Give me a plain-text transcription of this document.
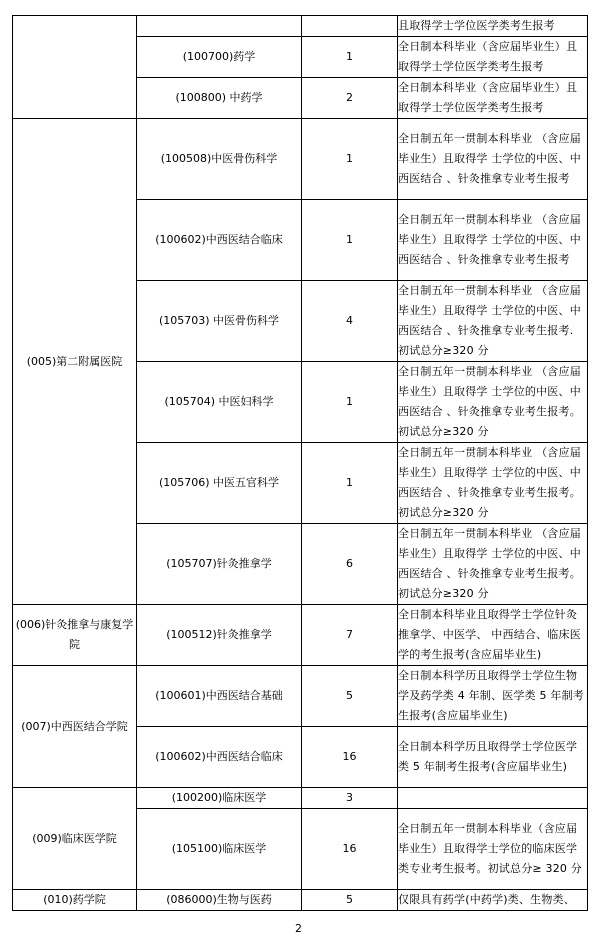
			且取得学士学位医学类考生报考
	(100700)药学	1	全日制本科毕业（含应届毕业生）且取得学士学位医学类考生报考
	(100800) 中药学	2	全日制本科毕业（含应届毕业生）且取得学士学位医学类考生报考
(005)第二附属医院	(100508)中医骨伤科学	1	全日制五年一贯制本科毕业 （含应届毕业生）且取得学 士学位的中医、中西医结合 、针灸推拿专业考生报考
	(100602)中西医结合临床	1	全日制五年一贯制本科毕业 （含应届毕业生）且取得学 士学位的中医、中西医结合 、针灸推拿专业考生报考
	(105703) 中医骨伤科学	4	全日制五年一贯制本科毕业 （含应届毕业生）且取得学 士学位的中医、中西医结合 、针灸推拿专业考生报考. 初试总分≥320 分
	(105704) 中医妇科学	1	全日制五年一贯制本科毕业 （含应届毕业生）且取得学 士学位的中医、中西医结合 、针灸推拿专业考生报考。初试总分≥320 分
	(105706) 中医五官科学	1	全日制五年一贯制本科毕业 （含应届毕业生）且取得学 士学位的中医、中西医结合 、针灸推拿专业考生报考。初试总分≥320 分
	(105707)针灸推拿学	6	全日制五年一贯制本科毕业 （含应届毕业生）且取得学 士学位的中医、中西医结合 、针灸推拿专业考生报考。初试总分≥320 分
(006)针灸推拿与康复学院	(100512)针灸推拿学	7	全日制本科毕业且取得学士学位针灸推拿学、中医学、 中西结合、临床医学的考生报考(含应届毕业生)
(007)中西医结合学院	(100601)中西医结合基础	5	全日制本科学历且取得学士学位生物学及药学类 4 年制、医学类 5 年制考生报考(含应届毕业生)
	(100602)中西医结合临床	16	全日制本科学历且取得学士学位医学类 5 年制考生报考(含应届毕业生)
(009)临床医学院	(100200)临床医学	3	
	(105100)临床医学	16	全日制五年一贯制本科毕业（含应届毕业生）且取得学士学位的临床医学类专业考生报考。初试总分≥ 320 分
(010)药学院	(086000)生物与医药	5	仅限具有药学(中药学)类、生物类、
2
